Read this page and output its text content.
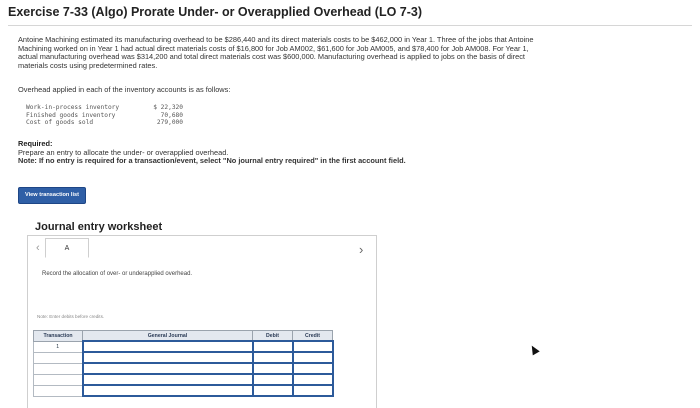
Exercise 7-33 (Algo) Prorate Under- or Overapplied Overhead (LO 7-3)
Antoine Machining estimated its manufacturing overhead to be $286,440 and its direct materials costs to be $462,000 in Year 1. Three of the jobs that Antoine Machining worked on in Year 1 had actual direct materials costs of $16,800 for Job AM002, $61,600 for Job AM005, and $78,400 for Job AM008. For Year 1, actual manufacturing overhead was $314,200 and total direct materials cost was $600,000. Manufacturing overhead is applied to jobs on the basis of direct materials costs using predetermined rates.
Overhead applied in each of the inventory accounts is as follows:
Work-in-process inventory	$ 22,320
Finished goods inventory	70,680
Cost of goods sold	279,000
Required:
Prepare an entry to allocate the under- or overapplied overhead.
Note: If no entry is required for a transaction/event, select "No journal entry required" in the first account field.
View transaction list
Journal entry worksheet
‹	A	›
Record the allocation of over- or underapplied overhead.
Note: Enter debits before credits.
Transaction	General Journal	Debit	Credit
1			
